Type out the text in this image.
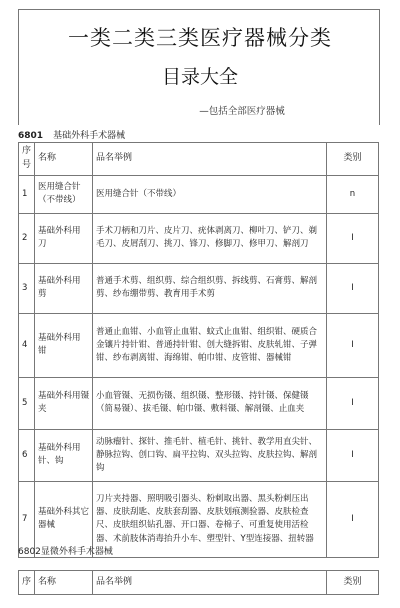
一类二类三类医疗器械分类
目录大全
—包括全部医疗器械
6801 基础外科手术器械
序号	名称	品名举例	类别
1	医用缝合针（不带线）	医用缝合针（不带线）	n
2	基础外科用 刀	手术刀柄和刀片、皮片刀、疣体剥离刀、柳叶刀、铲刀、剃毛刀、皮屑刮刀、挑刀、锋刀、修脚刀、修甲刀、解剖刀	I
3	基础外科用 剪	普通手术剪、组织剪、综合组织剪、拆线剪、石膏剪、解剖剪、纱布绷带剪、教育用手术剪	I
4	基础外科用 钳	普通止血钳、小血管止血钳、蚊式止血钳、组织钳、硬质合金镶片持针钳、普通持针钳、创大缝拆钳、皮肤轧钳、子弹钳、纱布剥离钳、海绵钳、帕巾钳、皮管钳、器械钳	I
5	基础外科用镊夹	小血管镊、无损伤镊、组织镊、整形镊、持针镊、保健镊（简易镊）、拔毛镊、帕巾镊、敷料镊、解剖镊、止血夹	I
6	基础外科用针、钩	动脉瘤针、探针、推毛针、植毛针、挑针、教学用直尖针、静脉拉钩、创口钩、扁平拉钩、双头拉钩、皮肤拉钩、解剖钩	I
7	基础外科其它器械	刀片夹持器、照明吸引器头、粉刺取出器、黑头粉刺压出器、皮肤刮匙、皮肤套刮器、皮肤划痕测验器、皮肤检查尺、皮肤组织钻孔器、开口器、卷棉子、可重复使用活检器、术前肢体消毒抬升小车、塑型针、Y型连接器、扭转器	I
6802显微外科手术器械
序	名称	品名举例	类别
